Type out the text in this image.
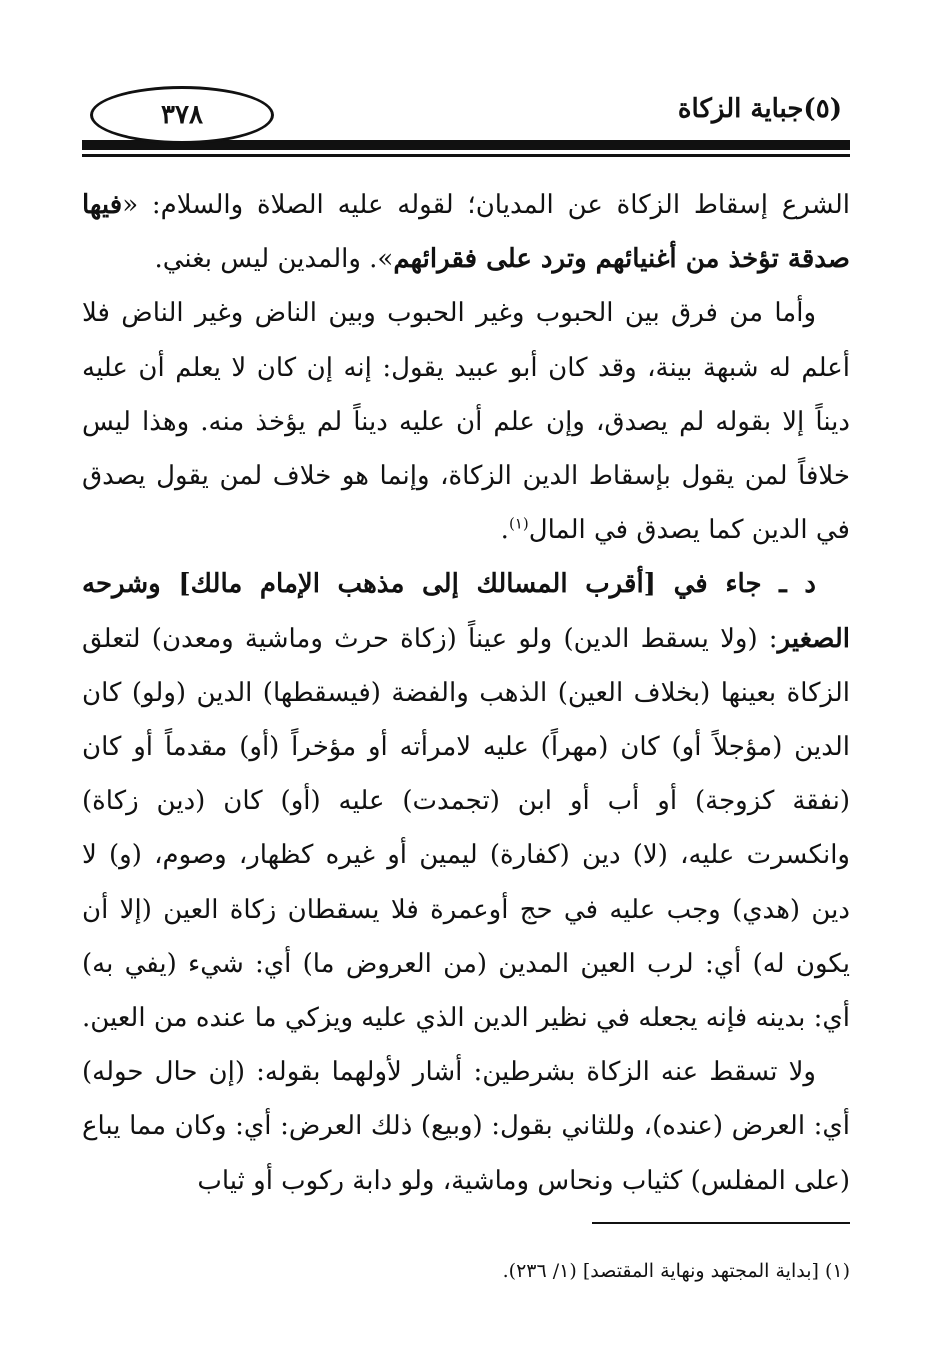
٣٧٨	(٥)جباية الزكاة

الشرع إسقاط الزكاة عن المديان؛ لقوله عليه الصلاة والسلام: «فيها صدقة تؤخذ من أغنيائهم وترد على فقرائهم». والمدين ليس بغني.

وأما من فرق بين الحبوب وغير الحبوب وبين الناض وغير الناض فلا أعلم له شبهة بينة، وقد كان أبو عبيد يقول: إنه إن كان لا يعلم أن عليه ديناً إلا بقوله لم يصدق، وإن علم أن عليه ديناً لم يؤخذ منه. وهذا ليس خلافاً لمن يقول بإسقاط الدين الزكاة، وإنما هو خلاف لمن يقول يصدق في الدين كما يصدق في المال$^{(١)}$.

د ـ جاء في [أقرب المسالك إلى مذهب الإمام مالك] وشرحه الصغير: (ولا يسقط الدين) ولو عيناً (زكاة حرث وماشية ومعدن) لتعلق الزكاة بعينها (بخلاف العين) الذهب والفضة (فيسقطها) الدين (ولو) كان الدين (مؤجلاً أو) كان (مهراً) عليه لامرأته أو مؤخراً (أو) مقدماً أو كان (نفقة كزوجة) أو أب أو ابن (تجمدت) عليه (أو) كان (دين زكاة) وانكسرت عليه، (لا) دين (كفارة) ليمين أو غيره كظهار، وصوم، (و) لا دين (هدي) وجب عليه في حج أوعمرة فلا يسقطان زكاة العين (إلا أن يكون له) أي: لرب العين المدين (من العروض ما) أي: شيء (يفي به) أي: بدينه فإنه يجعله في نظير الدين الذي عليه ويزكي ما عنده من العين.

ولا تسقط عنه الزكاة بشرطين: أشار لأولهما بقوله: (إن حال حوله) أي: العرض (عنده)، وللثاني بقول: (وبيع) ذلك العرض: أي: وكان مما يباع (على المفلس) كثياب ونحاس وماشية، ولو دابة ركوب أو ثياب

(١) [بداية المجتهد ونهاية المقتصد] (١/ ٢٣٦).
